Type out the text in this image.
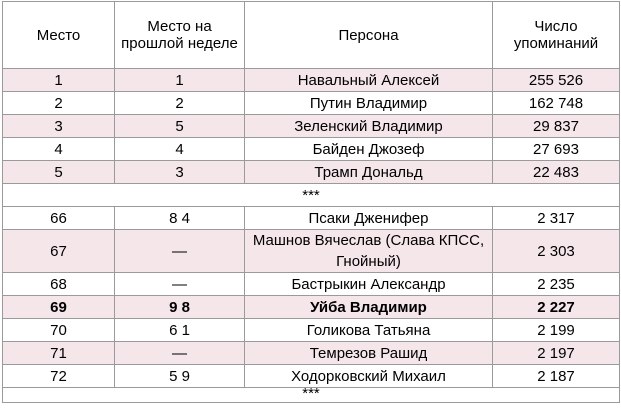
Место	Место на прошлой неделе	Персона	Число упоминаний
1	1	Навальный Алексей	255 526
2	2	Путин Владимир	162 748
3	5	Зеленский Владимир	29 837
4	4	Байден Джозеф	27 693
5	3	Трамп Дональд	22 483
***			
66	8 4	Псаки Дженифер	2 317
67	—	Машнов Вячеслав (Слава КПСС, Гнойный)	2 303
68	—	Бастрыкин Александр	2 235
69	9 8	Уйба Владимир	2 227
70	6 1	Голикова Татьяна	2 199
71	—	Темрезов Рашид	2 197
72	5 9	Ходорковский Михаил	2 187
***			
